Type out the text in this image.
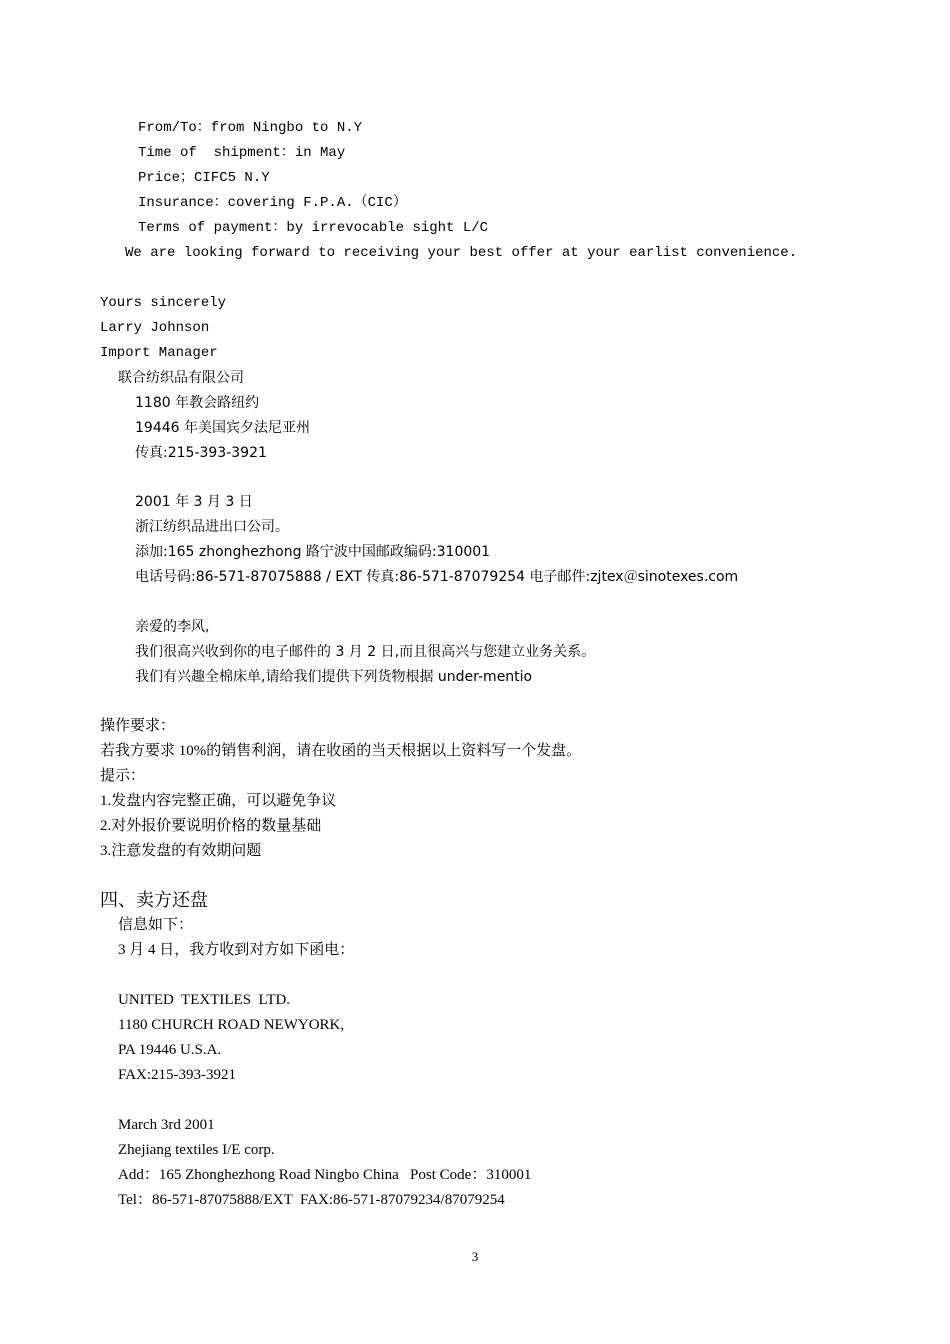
From/To：from Ningbo to N.Y
Time of  shipment：in May
Price；CIFC5 N.Y
Insurance：covering F.P.A.（CIC）
Terms of payment：by irrevocable sight L/C
We are looking forward to receiving your best offer at your earlist convenience.
Yours sincerely
Larry Johnson
Import Manager
联合纺织品有限公司
1180 年教会路纽约
19446 年美国宾夕法尼亚州
传真:215-393-3921
2001 年 3 月 3 日
浙江纺织品进出口公司。
添加:165 zhonghezhong 路宁波中国邮政编码:310001
电话号码:86-571-87075888 / EXT 传真:86-571-87079254 电子邮件:zjtex＠sinotexes.com
亲爱的李风,
我们很高兴收到你的电子邮件的 3 月 2 日,而且很高兴与您建立业务关系。
我们有兴趣全棉床单,请给我们提供下列货物根据 under-mentio
操作要求：
若我方要求 10%的销售利润，请在收函的当天根据以上资料写一个发盘。
提示：
1.发盘内容完整正确，可以避免争议
2.对外报价要说明价格的数量基础
3.注意发盘的有效期问题
四、卖方还盘
信息如下：
3 月 4 日，我方收到对方如下函电：
UNITED  TEXTILES  LTD.
1180 CHURCH ROAD NEWYORK,
PA 19446 U.S.A.
FAX:215-393-3921
March 3rd 2001
Zhejiang textiles I/E corp.
Add：165 Zhonghezhong Road Ningbo China   Post Code：310001
Tel：86-571-87075888/EXT  FAX:86-571-87079234/87079254
3
